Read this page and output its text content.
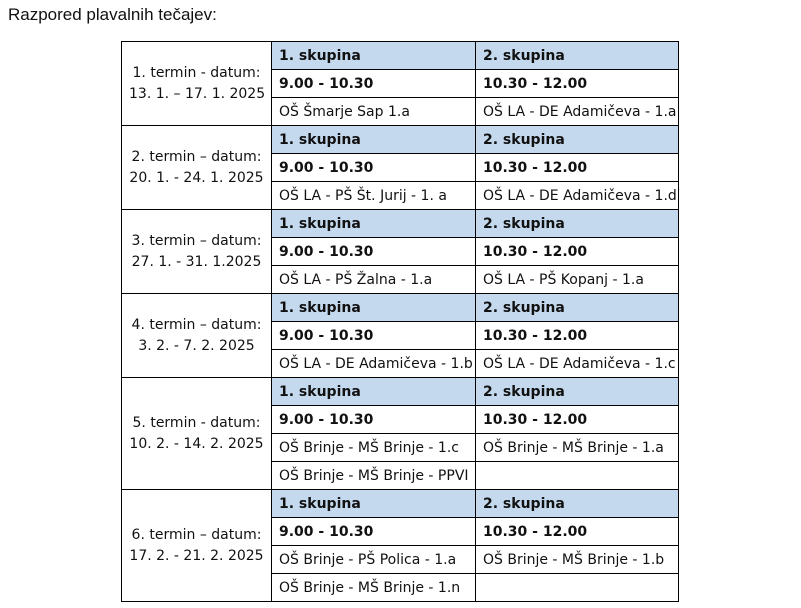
Razpored plavalnih tečajev:
1. termin - datum:
13. 1. – 17. 1. 2025	1. skupina	2. skupina
	9.00 - 10.30	10.30 - 12.00
	OŠ Šmarje Sap 1.a	OŠ LA - DE Adamičeva - 1.a

2. termin – datum:
20. 1. - 24. 1. 2025	1. skupina	2. skupina
	9.00 - 10.30	10.30 - 12.00
	OŠ LA - PŠ Št. Jurij - 1. a	OŠ LA - DE Adamičeva - 1.d

3. termin – datum:
27. 1. - 31. 1.2025	1. skupina	2. skupina
	9.00 - 10.30	10.30 - 12.00
	OŠ LA - PŠ Žalna - 1.a	OŠ LA - PŠ Kopanj - 1.a

4. termin – datum:
3. 2. - 7. 2. 2025	1. skupina	2. skupina
	9.00 - 10.30	10.30 - 12.00
	OŠ LA - DE Adamičeva - 1.b	OŠ LA - DE Adamičeva - 1.c

5. termin - datum:
10. 2. - 14. 2. 2025	1. skupina	2. skupina
	9.00 - 10.30	10.30 - 12.00
	OŠ Brinje - MŠ Brinje - 1.c	OŠ Brinje - MŠ Brinje - 1.a
	OŠ Brinje - MŠ Brinje - PPVI	

6. termin – datum:
17. 2. - 21. 2. 2025	1. skupina	2. skupina
	9.00 - 10.30	10.30 - 12.00
	OŠ Brinje - PŠ Polica - 1.a	OŠ Brinje - MŠ Brinje - 1.b
	OŠ Brinje - MŠ Brinje - 1.n	
